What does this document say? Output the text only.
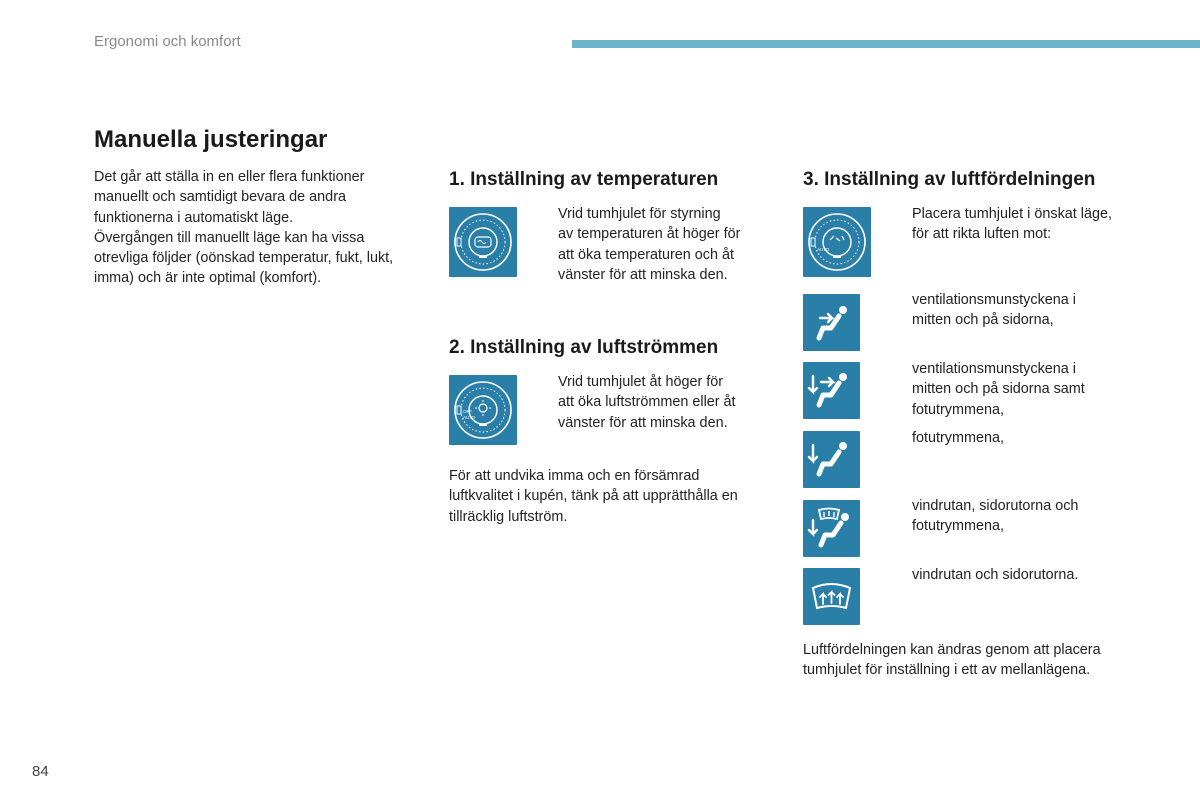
Ergonomi och komfort
Manuella justeringar
Det går att ställa in en eller flera funktioner
manuellt och samtidigt bevara de andra
funktionerna i automatiskt läge.
Övergången till manuellt läge kan ha vissa
otrevliga följder (oönskad temperatur, fukt, lukt,
imma) och är inte optimal (komfort).
1. Inställning av temperaturen
Vrid tumhjulet för styrning
av temperaturen åt höger för
att öka temperaturen och åt
vänster för att minska den.
2. Inställning av luftströmmen
OFF
AUTO
Vrid tumhjulet åt höger för
att öka luftströmmen eller åt
vänster för att minska den.
För att undvika imma och en försämrad
luftkvalitet i kupén, tänk på att upprätthålla en
tillräcklig luftström.
3. Inställning av luftfördelningen
AUTO
Placera tumhjulet i önskat läge,
för att rikta luften mot:
ventilationsmunstyckena i
mitten och på sidorna,
ventilationsmunstyckena i
mitten och på sidorna samt
fotutrymmena,
fotutrymmena,
vindrutan, sidorutorna och
fotutrymmena,
vindrutan och sidorutorna.
Luftfördelningen kan ändras genom att placera
tumhjulet för inställning i ett av mellanlägena.
84
